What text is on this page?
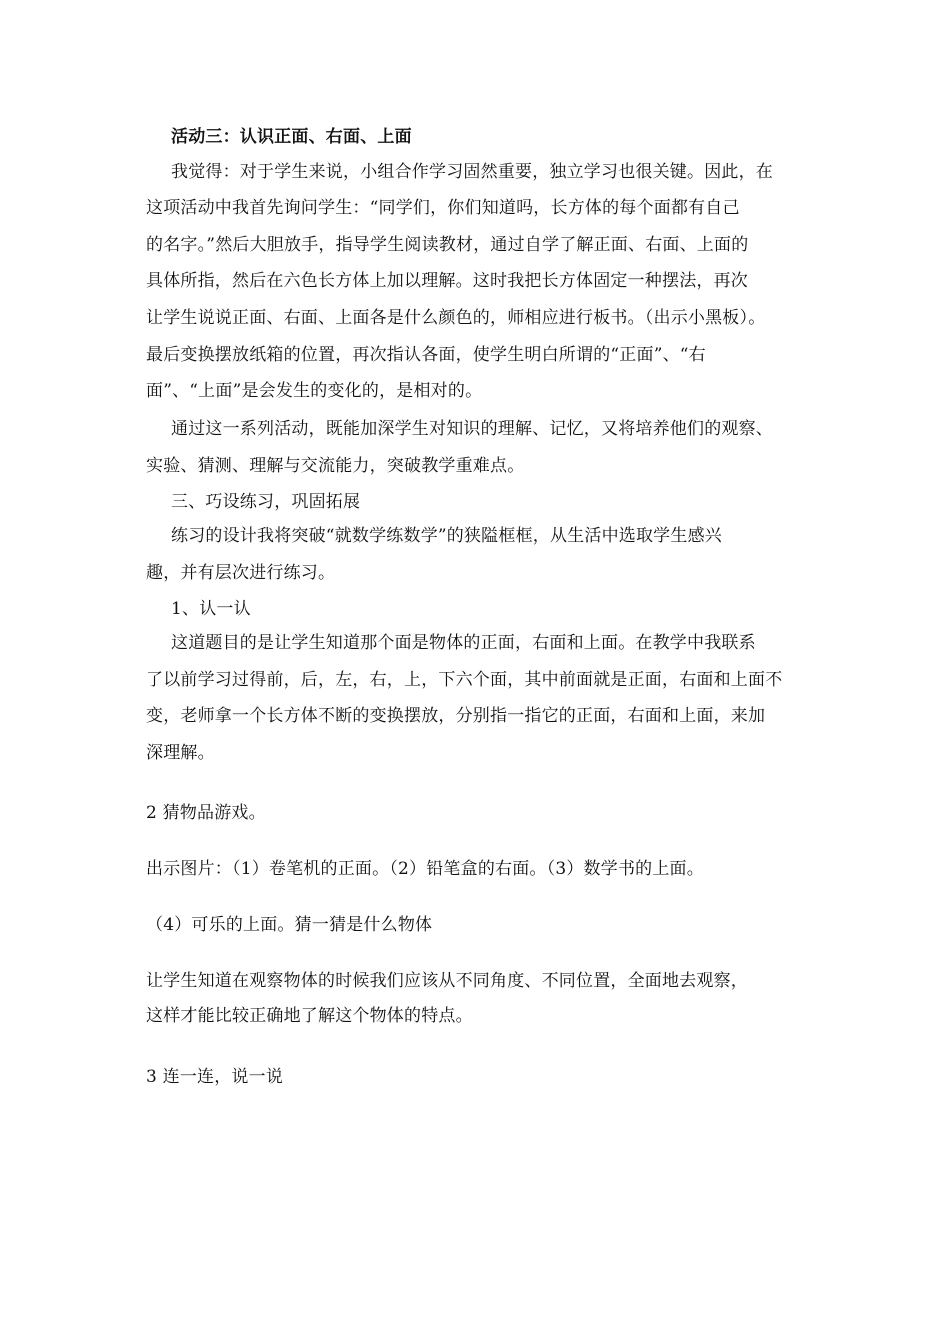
活动三：认识正面、右面、上面
我觉得：对于学生来说，小组合作学习固然重要，独立学习也很关键。因此，在
这项活动中我首先询问学生：“同学们，你们知道吗，长方体的每个面都有自己
的名字。”然后大胆放手，指导学生阅读教材，通过自学了解正面、右面、上面的
具体所指，然后在六色长方体上加以理解。这时我把长方体固定一种摆法，再次
让学生说说正面、右面、上面各是什么颜色的，师相应进行板书。（出示小黑板）。
最后变换摆放纸箱的位置，再次指认各面，使学生明白所谓的“正面”、“右
面”、“上面”是会发生的变化的，是相对的。
通过这一系列活动，既能加深学生对知识的理解、记忆，又将培养他们的观察、
实验、猜测、理解与交流能力，突破教学重难点。
三、巧设练习，巩固拓展
练习的设计我将突破“就数学练数学”的狭隘框框，从生活中选取学生感兴
趣，并有层次进行练习。
1、认一认
这道题目的是让学生知道那个面是物体的正面，右面和上面。在教学中我联系
了以前学习过得前，后，左，右，上，下六个面，其中前面就是正面，右面和上面不
变，老师拿一个长方体不断的变换摆放，分别指一指它的正面，右面和上面，来加
深理解。
2 猜物品游戏。
出示图片：（1）卷笔机的正面。（2）铅笔盒的右面。（3）数学书的上面。
（4）可乐的上面。猜一猜是什么物体
让学生知道在观察物体的时候我们应该从不同角度、不同位置，全面地去观察，
这样才能比较正确地了解这个物体的特点。
3 连一连，说一说
